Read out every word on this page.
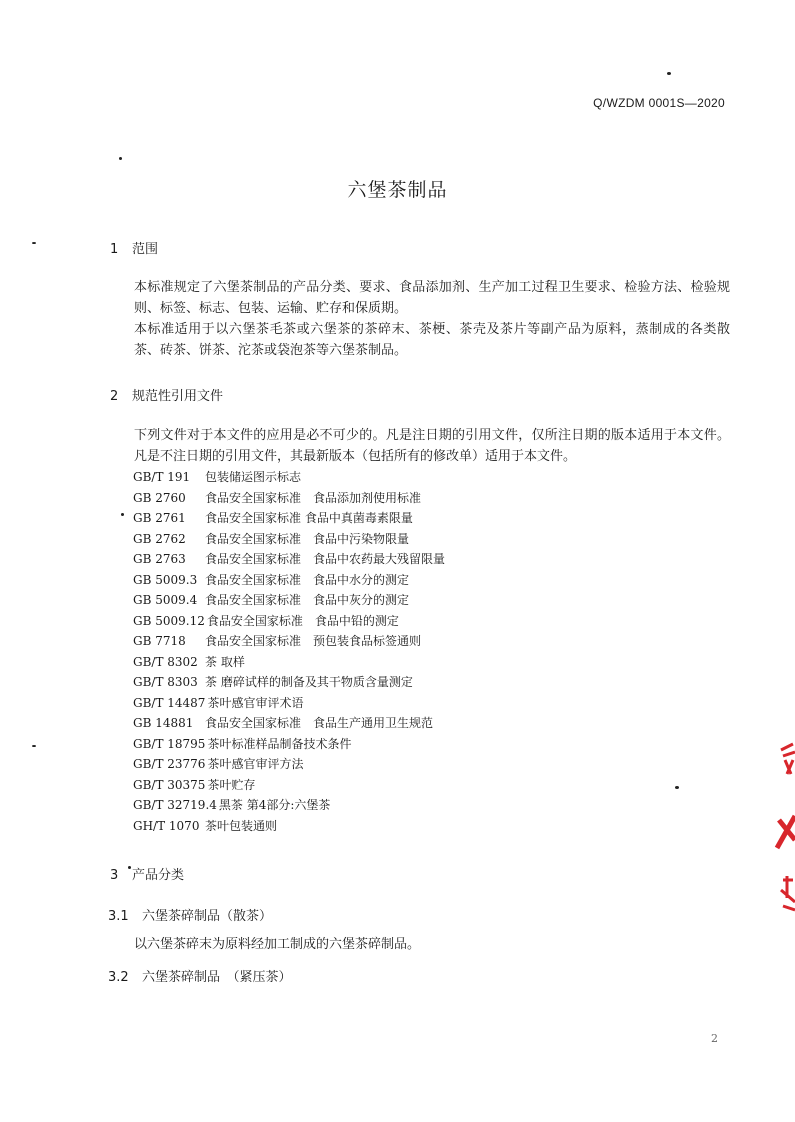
Q/WZDM 0001S—2020
六堡茶制品
1 范围
本标准规定了六堡茶制品的产品分类、要求、食品添加剂、生产加工过程卫生要求、检验方法、检验规则、标签、标志、包装、运输、贮存和保质期。
本标准适用于以六堡茶毛茶或六堡茶的茶碎末、茶梗、茶壳及茶片等副产品为原料，蒸制成的各类散茶、砖茶、饼茶、沱茶或袋泡茶等六堡茶制品。
2 规范性引用文件
下列文件对于本文件的应用是必不可少的。凡是注日期的引用文件，仅所注日期的版本适用于本文件。凡是不注日期的引用文件，其最新版本（包括所有的修改单）适用于本文件。
GB/T 191 包装储运图示标志
GB 2760 食品安全国家标准　食品添加剂使用标准
GB 2761 食品安全国家标准 食品中真菌毒素限量
GB 2762 食品安全国家标准　食品中污染物限量
GB 2763 食品安全国家标准　食品中农药最大残留限量
GB 5009.3 食品安全国家标准　食品中水分的测定
GB 5009.4 食品安全国家标准　食品中灰分的测定
GB 5009.12 食品安全国家标准　食品中铅的测定
GB 7718 食品安全国家标准　预包装食品标签通则
GB/T 8302 茶 取样
GB/T 8303 茶 磨碎试样的制备及其干物质含量测定
GB/T 14487 茶叶感官审评术语
GB 14881 食品安全国家标准　食品生产通用卫生规范
GB/T 18795 茶叶标准样品制备技术条件
GB/T 23776 茶叶感官审评方法
GB/T 30375 茶叶贮存
GB/T 32719.4 黑茶 第4部分:六堡茶
GH/T 1070 茶叶包装通则
3 产品分类
3.1 六堡茶碎制品（散茶）
以六堡茶碎末为原料经加工制成的六堡茶碎制品。
3.2 六堡茶碎制品　（紧压茶）
2
